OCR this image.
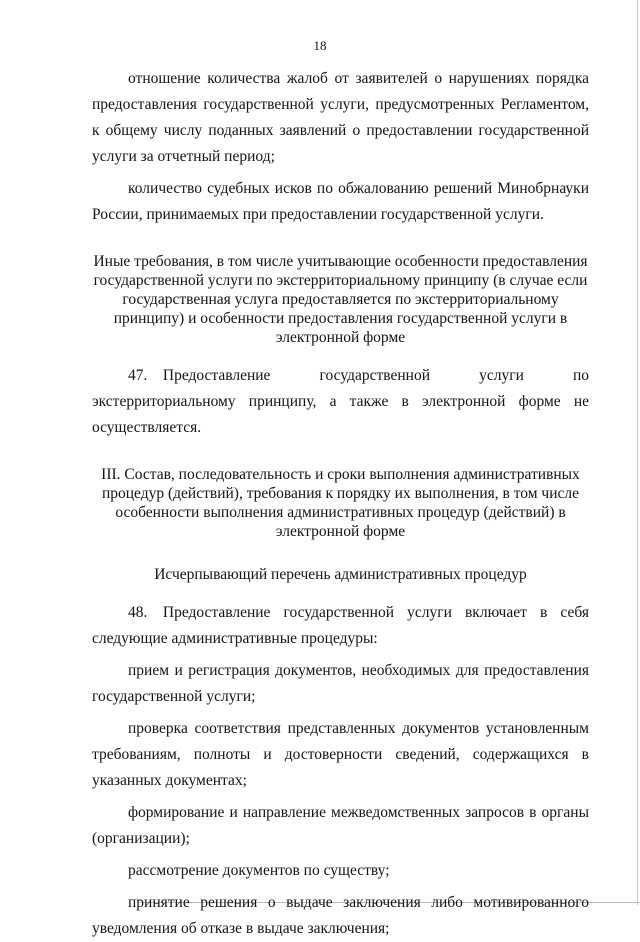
18

отношение количества жалоб от заявителей о нарушениях порядка предоставления государственной услуги, предусмотренных Регламентом, к общему числу поданных заявлений о предоставлении государственной услуги за отчетный период;

количество судебных исков по обжалованию решений Минобрнауки России, принимаемых при предоставлении государственной услуги.

Иные требования, в том числе учитывающие особенности предоставления государственной услуги по экстерриториальному принципу (в случае если государственная услуга предоставляется по экстерриториальному принципу) и особенности предоставления государственной услуги в электронной форме

47. Предоставление государственной услуги по экстерриториальному принципу, а также в электронной форме не осуществляется.

III. Состав, последовательность и сроки выполнения административных процедур (действий), требования к порядку их выполнения, в том числе особенности выполнения административных процедур (действий) в электронной форме

Исчерпывающий перечень административных процедур

48. Предоставление государственной услуги включает в себя следующие административные процедуры:

прием и регистрация документов, необходимых для предоставления государственной услуги;

проверка соответствия представленных документов установленным требованиям, полноты и достоверности сведений, содержащихся в указанных документах;

формирование и направление межведомственных запросов в органы (организации);

рассмотрение документов по существу;

принятие решения о выдаче заключения либо мотивированного уведомления об отказе в выдаче заключения;
